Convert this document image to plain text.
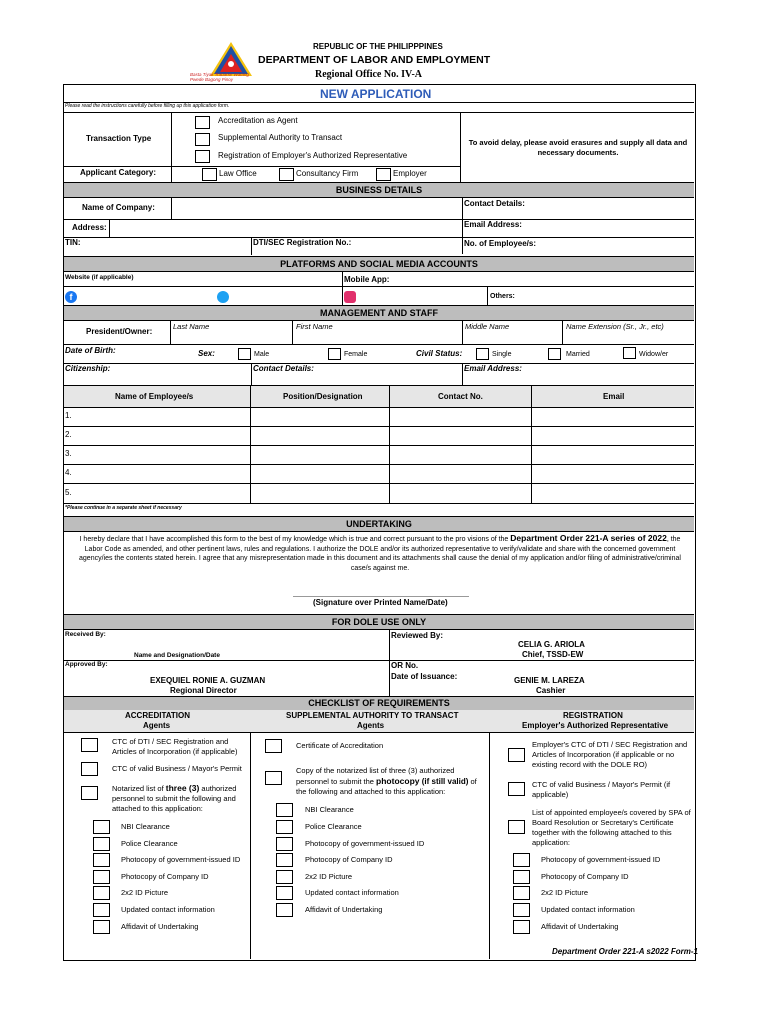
Basta Tiyak Trabaho! Walang Pwede Bagong Pinoy
REPUBLIC OF THE PHILIPPPINES
DEPARTMENT OF LABOR AND EMPLOYMENT
Regional Office No. IV-A
NEW APPLICATION
Please read the instructions carefully before filling up this application form.
Transaction Type
Accreditation as Agent
Supplemental Authority to Transact
Registration of Employer's Authorized Representative
To avoid delay, please avoid erasures and supply all data and necessary documents.
Applicant Category:	Law Office	Consultancy Firm	Employer
BUSINESS DETAILS
Name of Company:	Contact Details:
Address:	Email Address:
TIN:	DTI/SEC Registration No.:	No. of Employee/s:
PLATFORMS AND SOCIAL MEDIA ACCOUNTS
Website (if applicable)	Mobile App:
f	Others:
MANAGEMENT AND STAFF
President/Owner:
Last Name	First Name	Middle Name	Name Extension (Sr., Jr., etc)
Date of Birth:	Sex:	Male	Female	Civil Status:	Single	Married	Widow/er
Citizenship:	Contact Details:	Email Address:
Name of Employee/s	Position/Designation	Contact No.	Email
1.
2.
3.
4.
5.
*Please continue in a separate sheet if necessary
UNDERTAKING
I hereby declare that I have accomplished this form to the best of my knowledge which is true and correct pursuant to the pro visions of the Department Order 221-A series of 2022, the Labor Code as amended, and other pertinent laws, rules and regulations. I authorize the DOLE and/or its authorized representative to verify/validate and share with the concerned government agency/ies the contents stated herein. I agree that any misrepresentation made in this document and its attachments shall cause the denial of my application and/or filing of administrative/criminal case/s against me.
(Signature over Printed Name/Date)
FOR DOLE USE ONLY
Received By:
Name and Designation/Date
Reviewed By:
CELIA G. ARIOLA
Chief, TSSD-EW
Approved By:
EXEQUIEL RONIE A. GUZMAN
Regional Director
OR No.
Date of Issuance:	GENIE M. LAREZA
Cashier
CHECKLIST OF REQUIREMENTS
ACCREDITATION
Agents
SUPPLEMENTAL AUTHORITY TO TRANSACT
Agents
REGISTRATION
Employer's Authorized Representative
CTC of DTI / SEC Registration and Articles of Incorporation (if applicable)
CTC of valid Business / Mayor's Permit
Notarized list of three (3) authorized personnel to submit the following and attached to this application:
NBI Clearance
Police Clearance
Photocopy of government-issued ID
Photocopy of Company ID
2x2 ID Picture
Updated contact information
Affidavit of Undertaking
Certificate of Accreditation
Copy of the notarized list of three (3) authorized personnel to submit the photocopy (if still valid) of the following and attached to this application:
NBI Clearance
Police Clearance
Photocopy of government-issued ID
Photocopy of Company ID
2x2 ID Picture
Updated contact information
Affidavit of Undertaking
Employer's CTC of DTI / SEC Registration and Articles of Incorporation (if applicable or no existing record with the DOLE RO)
CTC of valid Business / Mayor's Permit (if applicable)
List of appointed employee/s covered by SPA of Board Resolution or Secretary's Certificate together with the following attached to this application:
Photocopy of government-issued ID
Photocopy of Company ID
2x2 ID Picture
Updated contact information
Affidavit of Undertaking
Department Order 221-A s2022 Form-1
